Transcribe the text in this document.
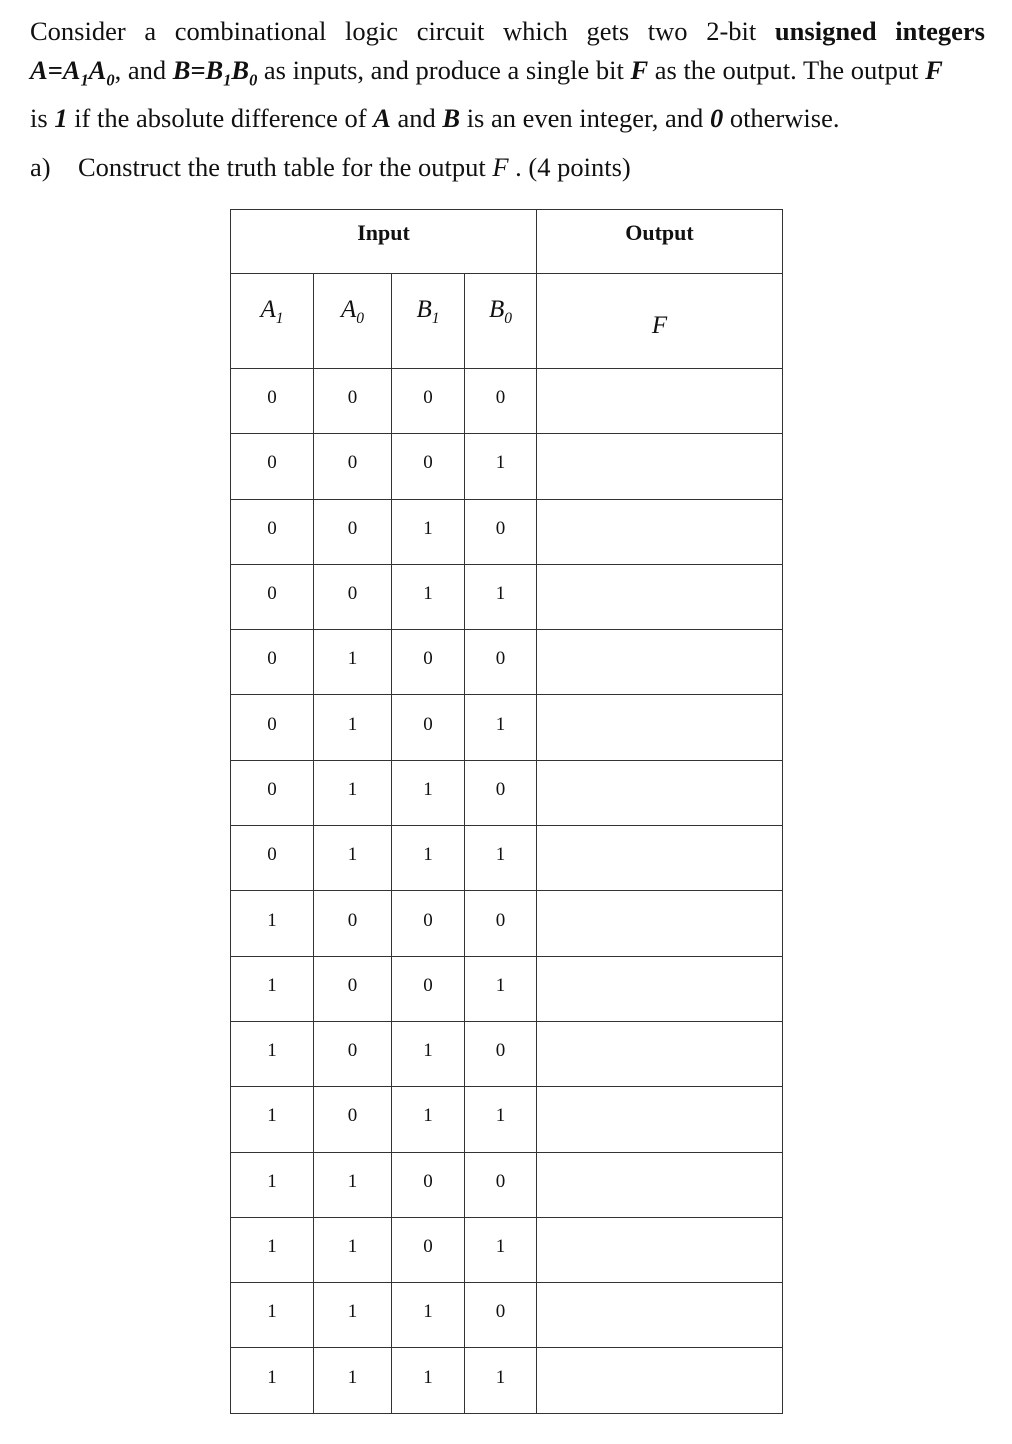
Consider a combinational logic circuit which gets two 2-bit unsigned integers
$A=A_1A_0$, and $B=B_1B_0$ as inputs, and produce a single bit F as the output. The output F
is 1 if the absolute difference of A and B is an even integer, and 0 otherwise.
a) Construct the truth table for the output F . (4 points)
Input				Output
$A_1$	$A_0$	$B_1$	$B_0$	F
0	0	0	0	
0	0	0	1	
0	0	1	0	
0	0	1	1	
0	1	0	0	
0	1	0	1	
0	1	1	0	
0	1	1	1	
1	0	0	0	
1	0	0	1	
1	0	1	0	
1	0	1	1	
1	1	0	0	
1	1	0	1	
1	1	1	0	
1	1	1	1	
